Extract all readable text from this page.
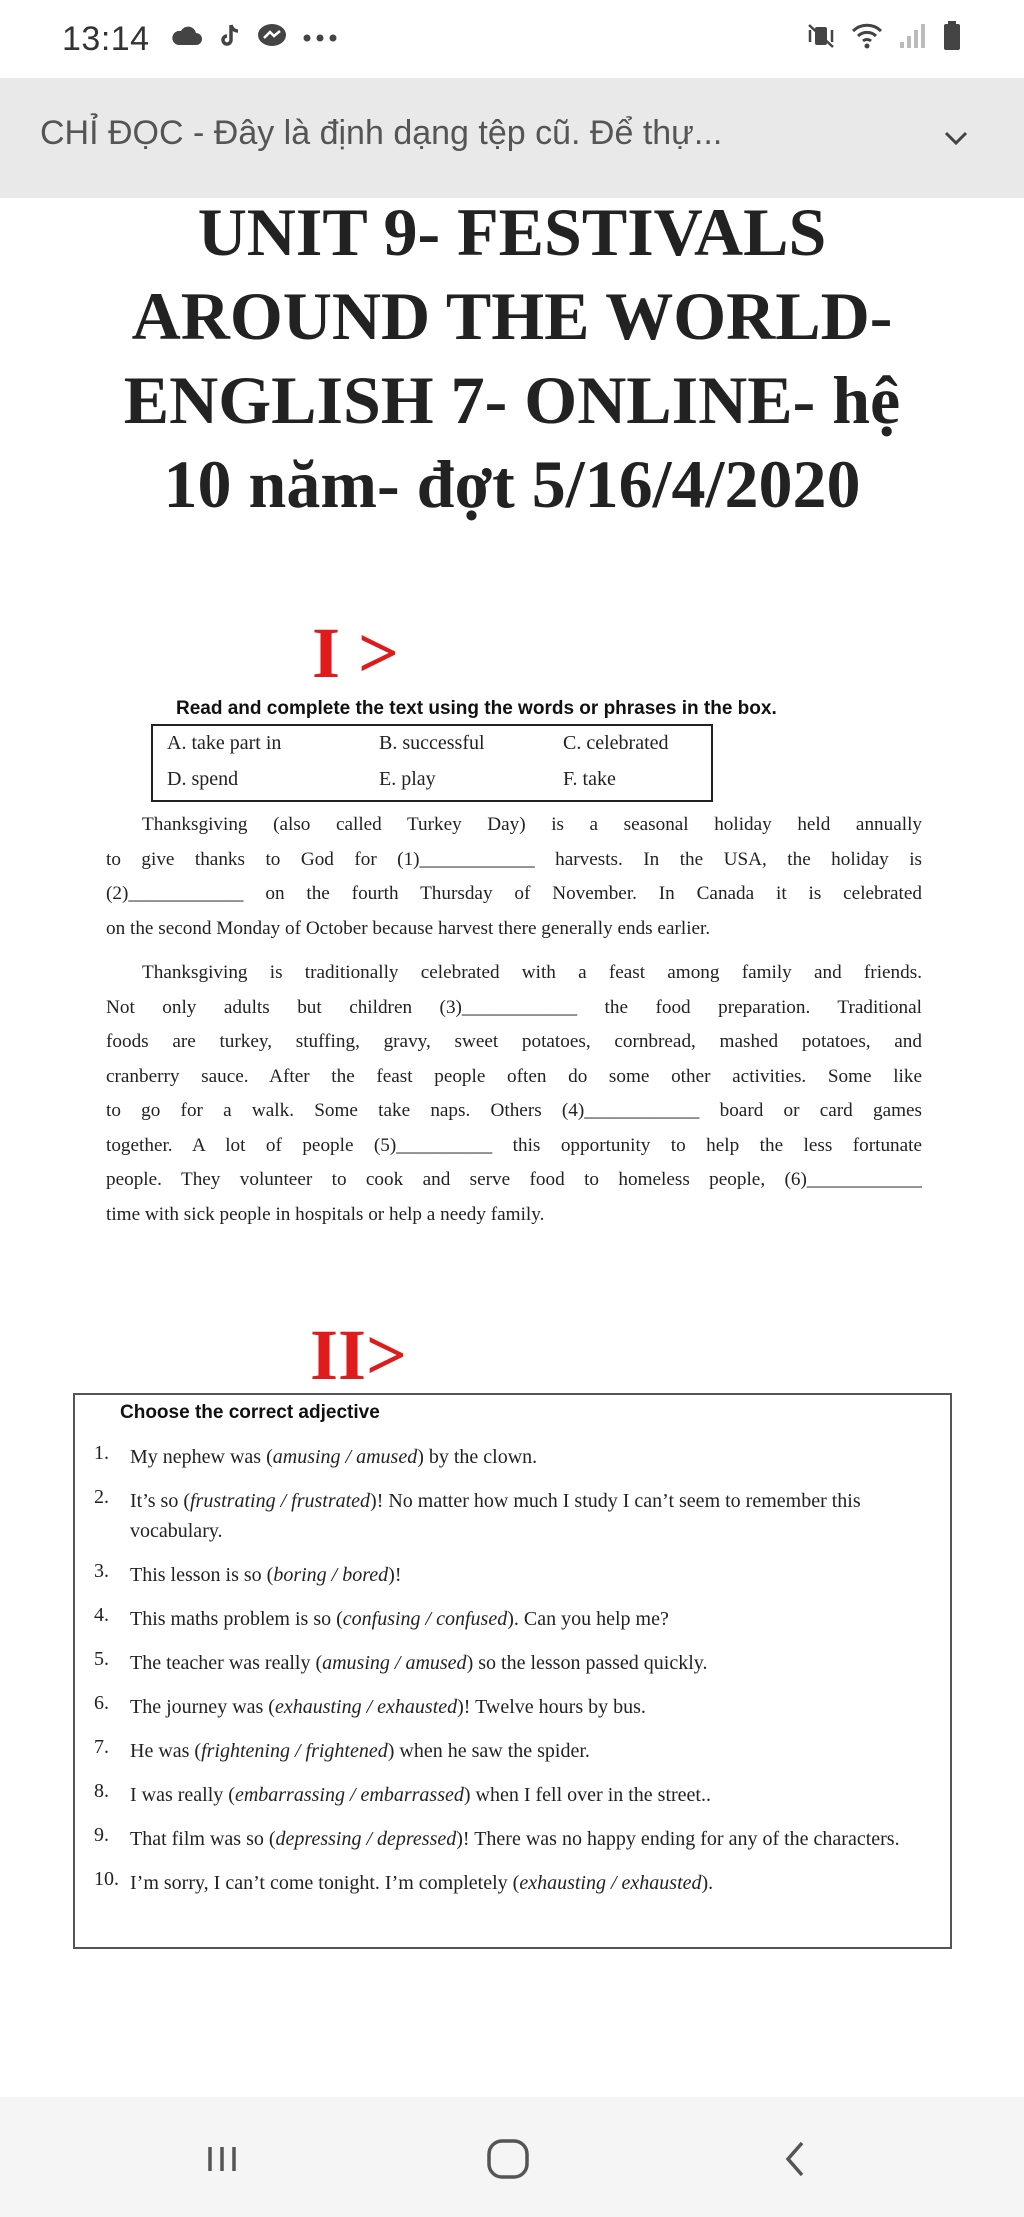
13:14
CHỈ ĐỌC - Đây là định dạng tệp cũ. Để thự...
UNIT 9- FESTIVALS
AROUND THE WORLD-
ENGLISH 7- ONLINE- hệ
10 năm- đợt 5/16/4/2020
I >
Read and complete the text using the words or phrases in the box.
A. take part in	B. successful	C. celebrated
D. spend	E. play	F. take
Thanksgiving (also called Turkey Day) is a seasonal holiday held annually
to give thanks to God for (1)____________ harvests. In the USA, the holiday is
(2)____________ on the fourth Thursday of November. In Canada it is celebrated
on the second Monday of October because harvest there generally ends earlier.
Thanksgiving is traditionally celebrated with a feast among family and friends.
Not only adults but children (3)____________ the food preparation. Traditional
foods are turkey, stuffing, gravy, sweet potatoes, cornbread, mashed potatoes, and
cranberry sauce. After the feast people often do some other activities. Some like
to go for a walk. Some take naps. Others (4)____________ board or card games
together. A lot of people (5)__________ this opportunity to help the less fortunate
people. They volunteer to cook and serve food to homeless people, (6)____________
time with sick people in hospitals or help a needy family.
II>
Choose the correct adjective
1. My nephew was (amusing / amused) by the clown.
2. It’s so (frustrating / frustrated)! No matter how much I study I can’t seem to remember this vocabulary.
3. This lesson is so (boring / bored)!
4. This maths problem is so (confusing / confused). Can you help me?
5. The teacher was really (amusing / amused) so the lesson passed quickly.
6. The journey was (exhausting / exhausted)! Twelve hours by bus.
7. He was (frightening / frightened) when he saw the spider.
8. I was really (embarrassing / embarrassed) when I fell over in the street..
9. That film was so (depressing / depressed)! There was no happy ending for any of the characters.
10. I’m sorry, I can’t come tonight. I’m completely (exhausting / exhausted).
